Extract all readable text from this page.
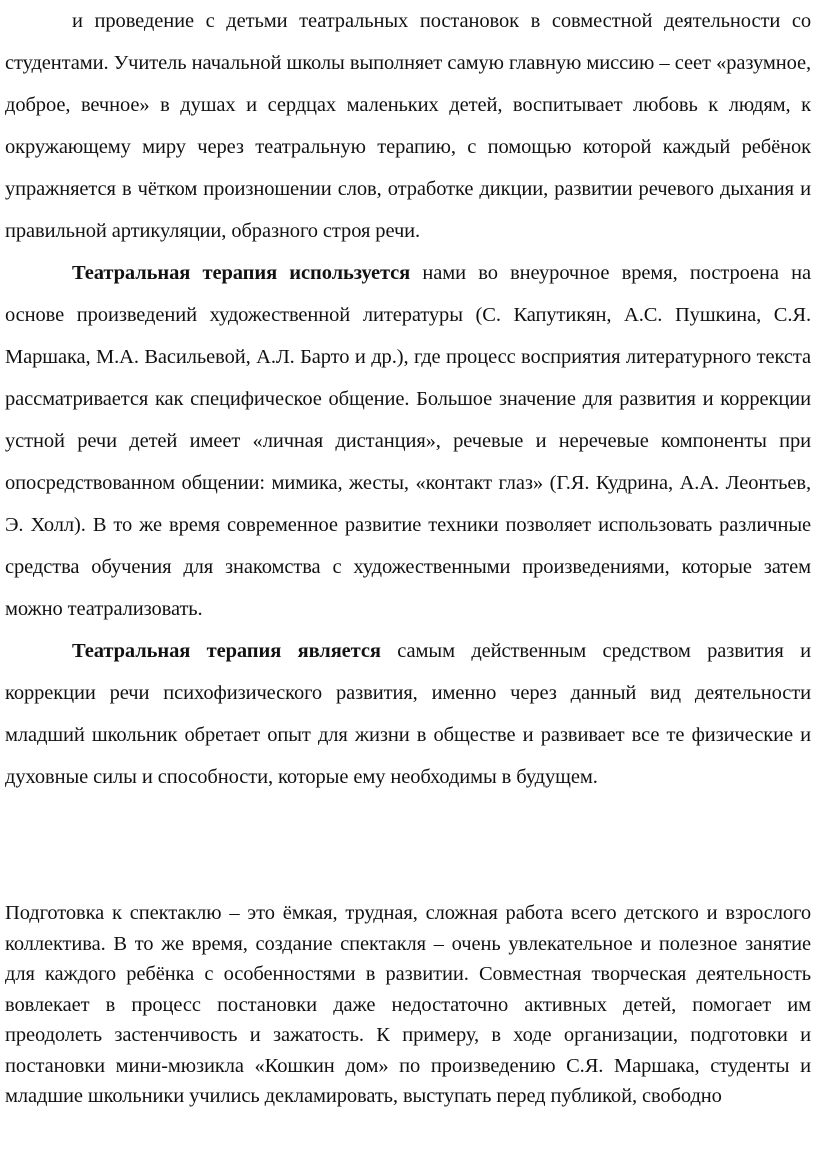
и проведение с детьми театральных постановок в совместной деятельности со студентами. Учитель начальной школы выполняет самую главную миссию – сеет «разумное, доброе, вечное» в душах и сердцах маленьких детей, воспитывает любовь к людям, к окружающему миру через театральную терапию, с помощью которой каждый ребёнок упражняется в чётком произношении слов, отработке дикции, развитии речевого дыхания и правильной артикуляции, образного строя речи.

Театральная терапия используется нами во внеурочное время, построена на основе произведений художественной литературы (С. Капутикян, А.С. Пушкина, С.Я. Маршака, М.А. Васильевой, А.Л. Барто и др.), где процесс восприятия литературного текста рассматривается как специфическое общение. Большое значение для развития и коррекции устной речи детей имеет «личная дистанция», речевые и неречевые компоненты при опосредствованном общении: мимика, жесты, «контакт глаз» (Г.Я. Кудрина, А.А. Леонтьев, Э. Холл). В то же время современное развитие техники позволяет использовать различные средства обучения для знакомства с художественными произведениями, которые затем можно театрализовать.

Театральная терапия является самым действенным средством развития и коррекции речи психофизического развития, именно через данный вид деятельности младший школьник обретает опыт для жизни в обществе и развивает все те физические и духовные силы и способности, которые ему необходимы в будущем.

Подготовка к спектаклю – это ёмкая, трудная, сложная работа всего детского и взрослого коллектива. В то же время, создание спектакля – очень увлекательное и полезное занятие для каждого ребёнка с особенностями в развитии. Совместная творческая деятельность вовлекает в процесс постановки даже недостаточно активных детей, помогает им преодолеть застенчивость и зажатость. К примеру, в ходе организации, подготовки и постановки мини-мюзикла «Кошкин дом» по произведению С.Я. Маршака, студенты и младшие школьники учились декламировать, выступать перед публикой, свободно
